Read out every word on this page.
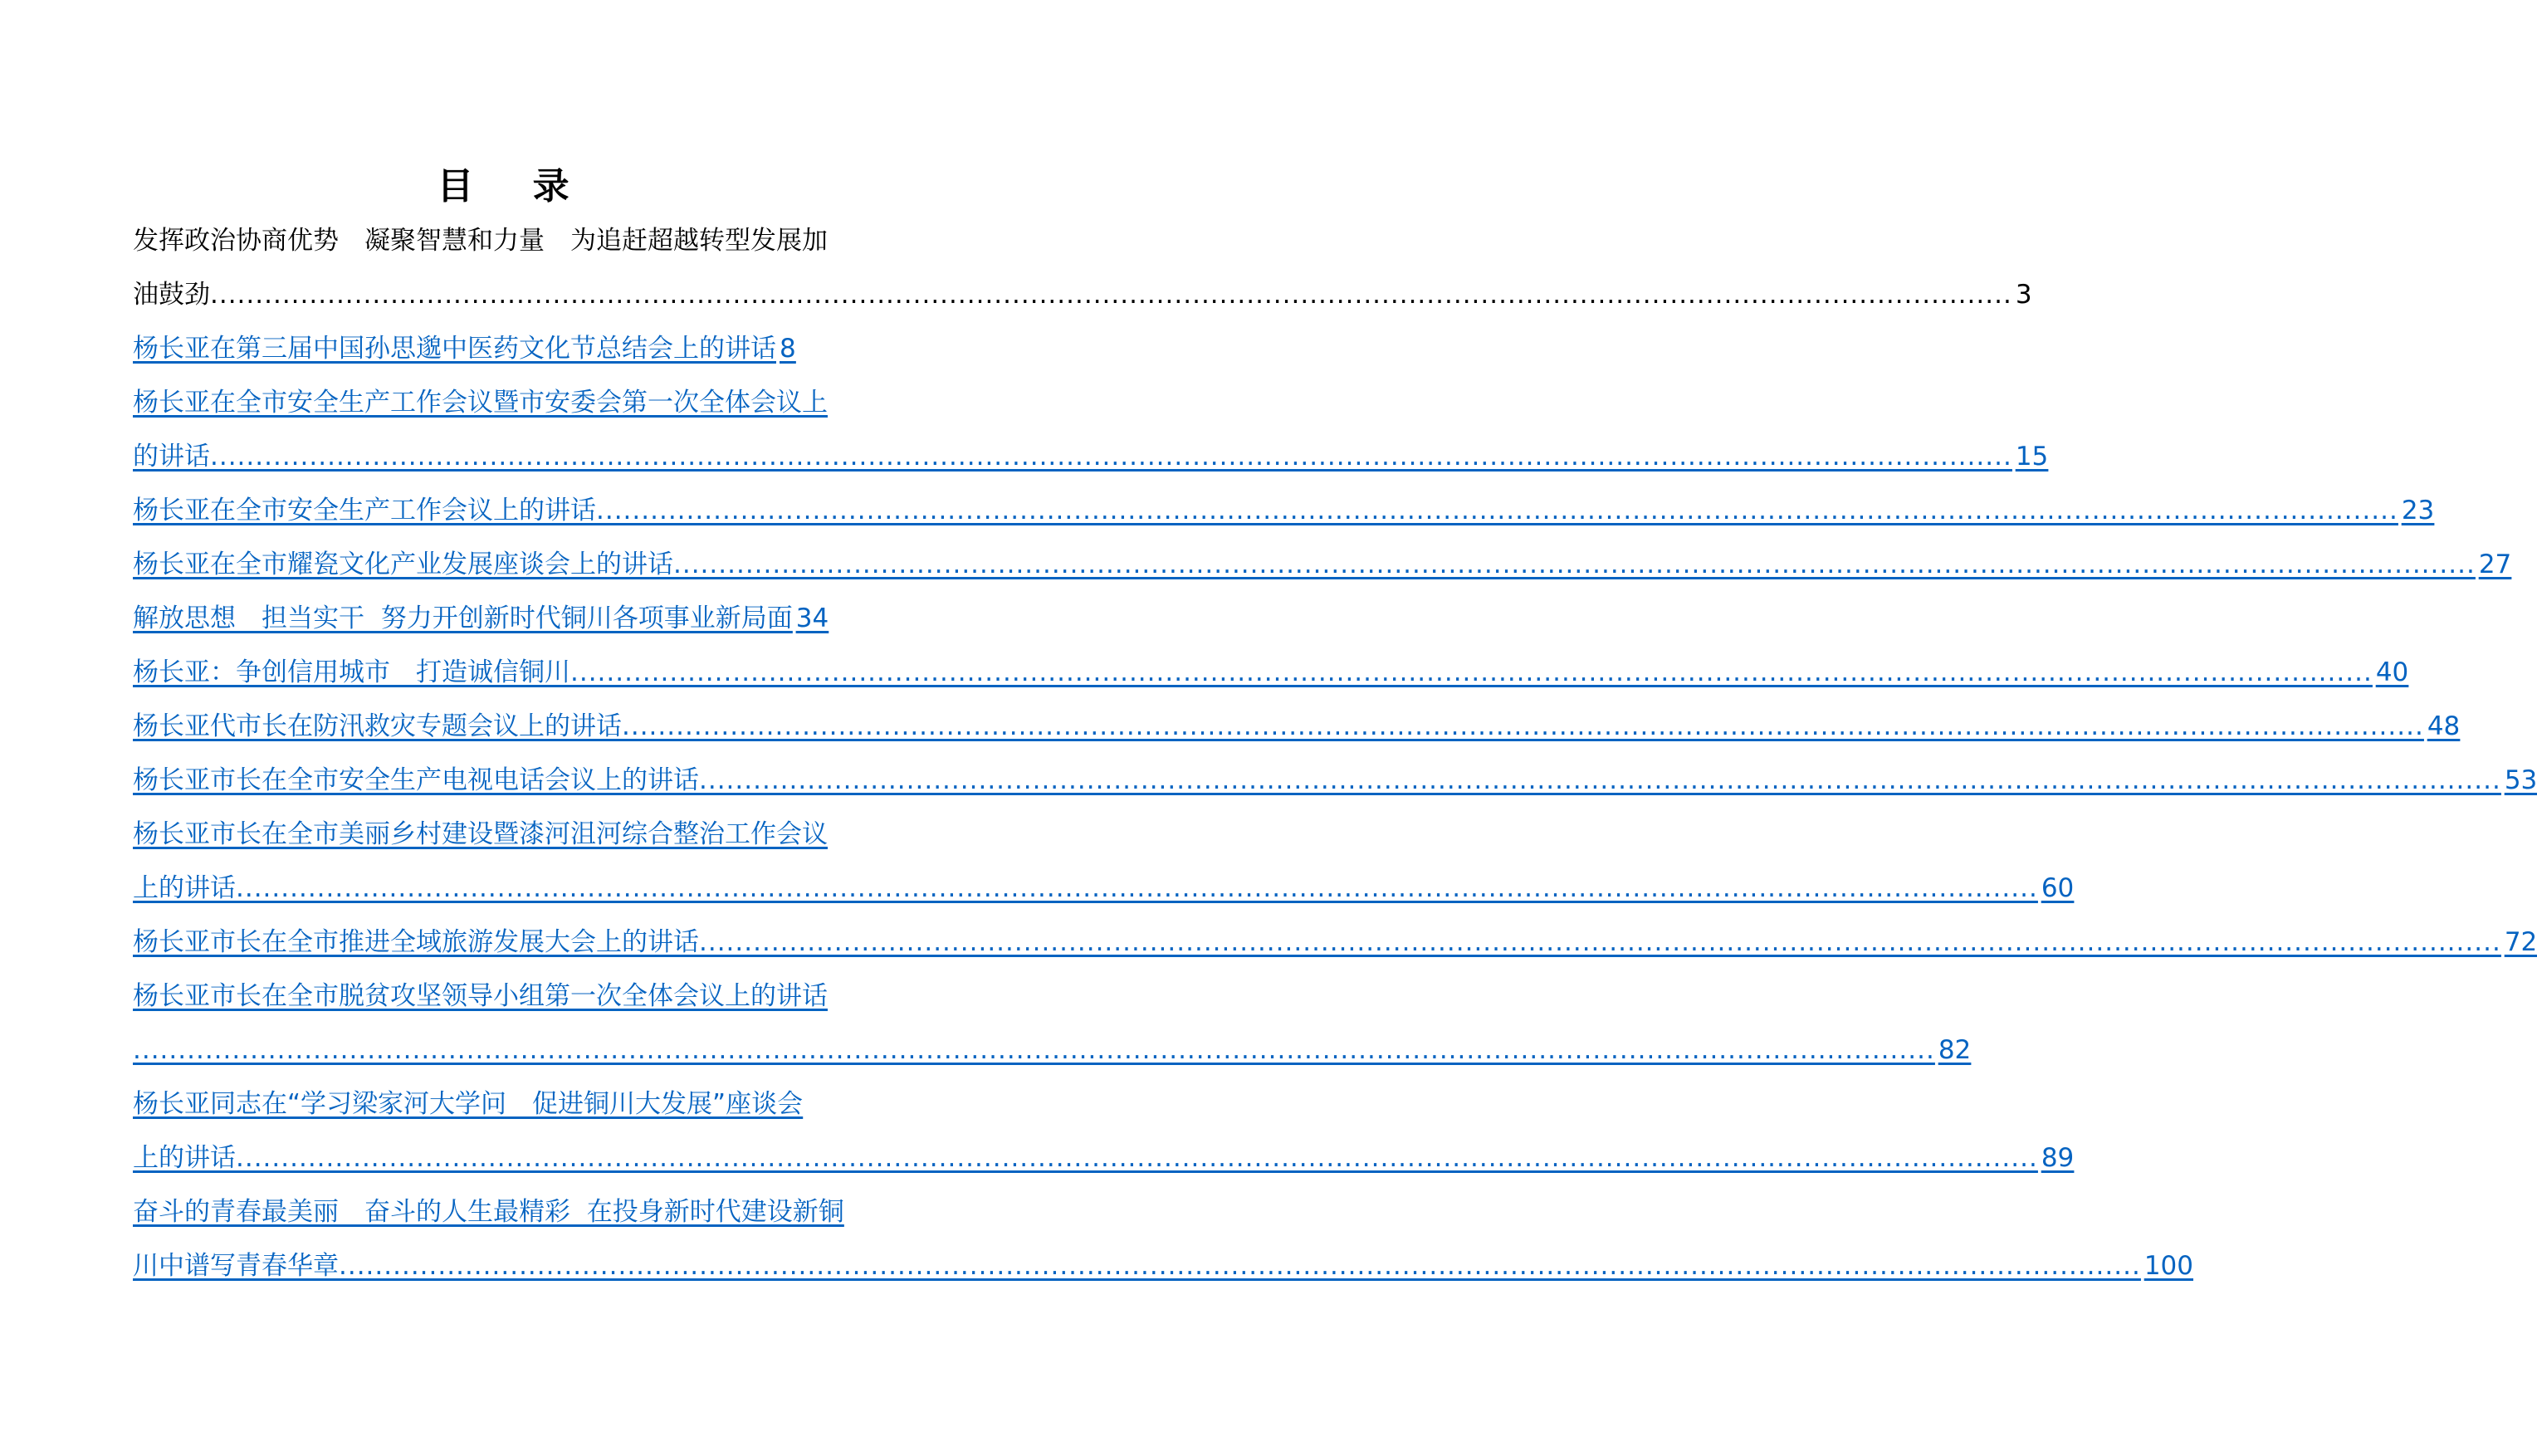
目 录
发挥政治协商优势　凝聚智慧和力量　为追赶超越转型发展加
油鼓劲 ........................................................................................................................................................................................................ 3
杨长亚在第三届中国孙思邈中医药文化节总结会上的讲话 8
杨长亚在全市安全生产工作会议暨市安委会第一次全体会议上
的讲话 ........................................................................................................................................................................................................ 15
杨长亚在全市安全生产工作会议上的讲话 ........................................................................................................................................................................................................ 23
杨长亚在全市耀瓷文化产业发展座谈会上的讲话 ........................................................................................................................................................................................................ 27
解放思想　担当实干  努力开创新时代铜川各项事业新局面 34
杨长亚：争创信用城市　打造诚信铜川 ........................................................................................................................................................................................................ 40
杨长亚代市长在防汛救灾专题会议上的讲话 ........................................................................................................................................................................................................ 48
杨长亚市长在全市安全生产电视电话会议上的讲话 ........................................................................................................................................................................................................ 53
杨长亚市长在全市美丽乡村建设暨漆河沮河综合整治工作会议
上的讲话 ........................................................................................................................................................................................................ 60
杨长亚市长在全市推进全域旅游发展大会上的讲话 ........................................................................................................................................................................................................ 72
杨长亚市长在全市脱贫攻坚领导小组第一次全体会议上的讲话
........................................................................................................................................................................................................ 82
杨长亚同志在“学习梁家河大学问　促进铜川大发展”座谈会
上的讲话 ........................................................................................................................................................................................................ 89
奋斗的青春最美丽　奋斗的人生最精彩  在投身新时代建设新铜
川中谱写青春华章 ........................................................................................................................................................................................................ 100
